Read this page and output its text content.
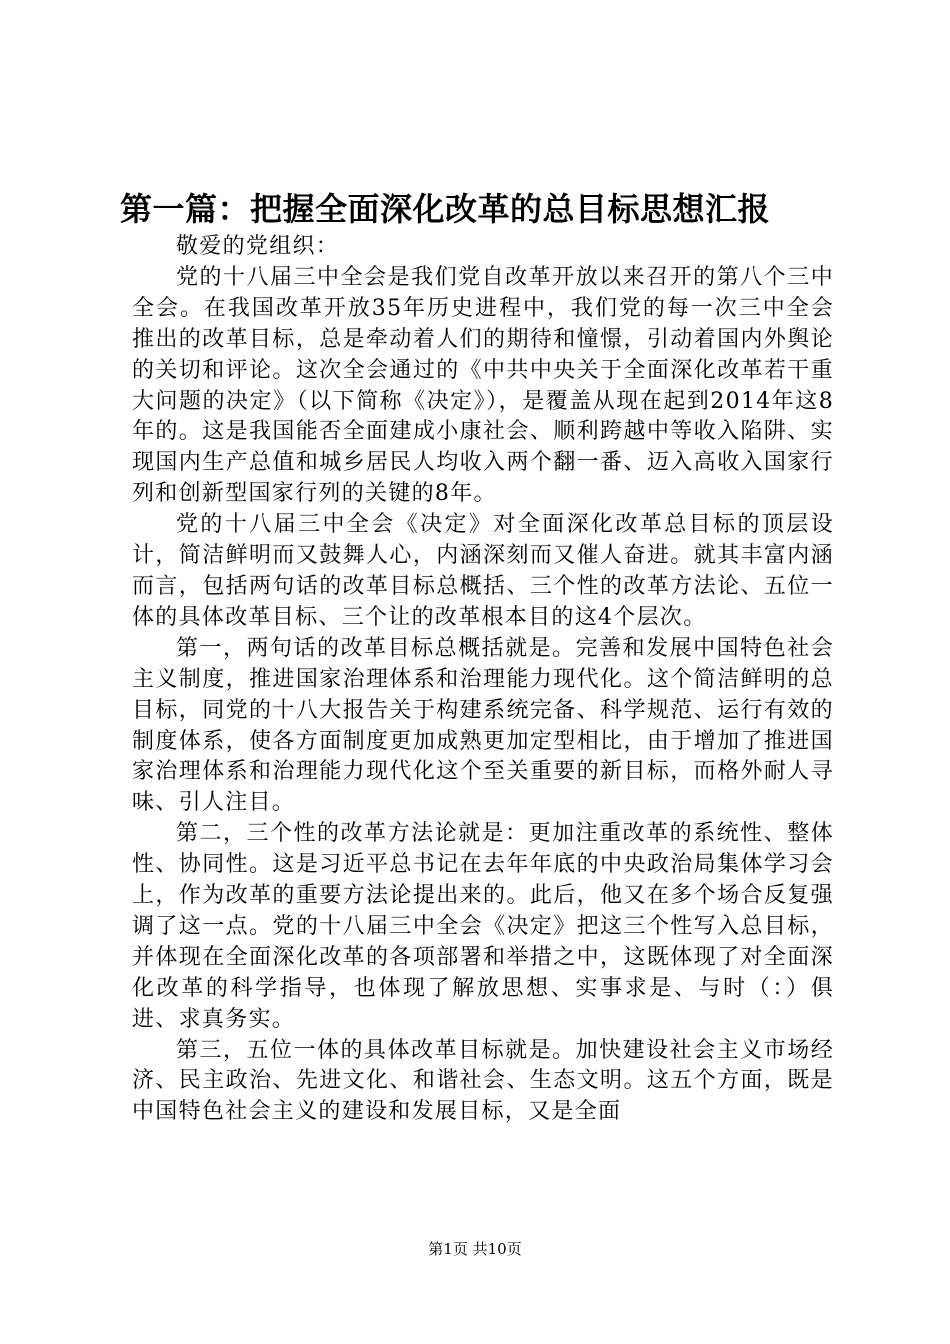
第一篇：把握全面深化改革的总目标思想汇报

敬爱的党组织：

党的十八届三中全会是我们党自改革开放以来召开的第八个三中全会。在我国改革开放35年历史进程中，我们党的每一次三中全会推出的改革目标，总是牵动着人们的期待和憧憬，引动着国内外舆论的关切和评论。这次全会通过的《中共中央关于全面深化改革若干重大问题的决定》（以下简称《决定》），是覆盖从现在起到2014年这8年的。这是我国能否全面建成小康社会、顺利跨越中等收入陷阱、实现国内生产总值和城乡居民人均收入两个翻一番、迈入高收入国家行列和创新型国家行列的关键的8年。

党的十八届三中全会《决定》对全面深化改革总目标的顶层设计，简洁鲜明而又鼓舞人心，内涵深刻而又催人奋进。就其丰富内涵而言，包括两句话的改革目标总概括、三个性的改革方法论、五位一体的具体改革目标、三个让的改革根本目的这4个层次。

第一，两句话的改革目标总概括就是。完善和发展中国特色社会主义制度，推进国家治理体系和治理能力现代化。这个简洁鲜明的总目标，同党的十八大报告关于构建系统完备、科学规范、运行有效的制度体系，使各方面制度更加成熟更加定型相比，由于增加了推进国家治理体系和治理能力现代化这个至关重要的新目标，而格外耐人寻味、引人注目。

第二，三个性的改革方法论就是：更加注重改革的系统性、整体性、协同性。这是习近平总书记在去年年底的中央政治局集体学习会上，作为改革的重要方法论提出来的。此后，他又在多个场合反复强调了这一点。党的十八届三中全会《决定》把这三个性写入总目标，并体现在全面深化改革的各项部署和举措之中，这既体现了对全面深化改革的科学指导，也体现了解放思想、实事求是、与时（：）俱进、求真务实。

第三，五位一体的具体改革目标就是。加快建设社会主义市场经济、民主政治、先进文化、和谐社会、生态文明。这五个方面，既是中国特色社会主义的建设和发展目标，又是全面

第1页 共10页
